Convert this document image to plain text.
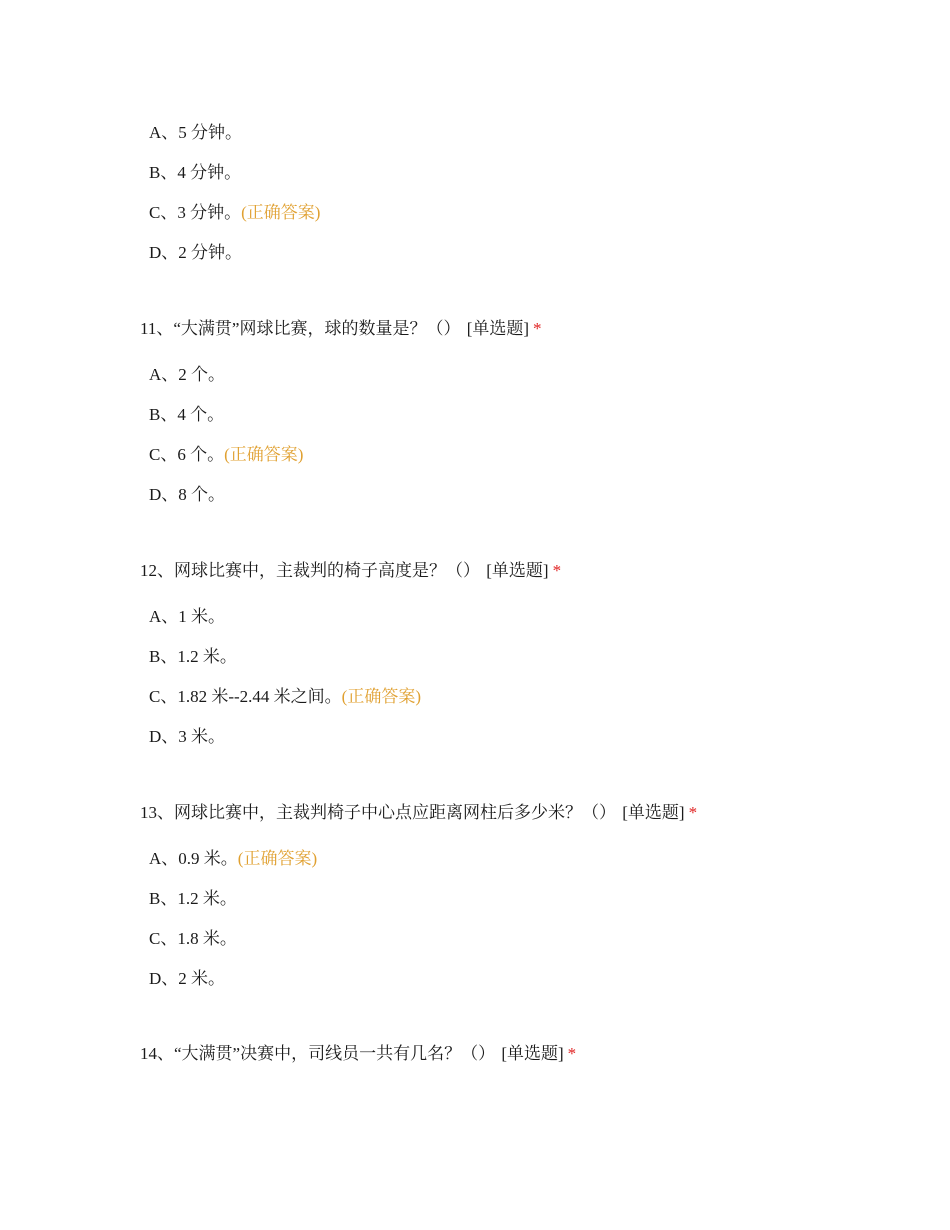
A、5 分钟。
B、4 分钟。
C、3 分钟。(正确答案)
D、2 分钟。
11、“大满贯”网球比赛，球的数量是？（） [单选题] *
A、2 个。
B、4 个。
C、6 个。(正确答案)
D、8 个。
12、网球比赛中，主裁判的椅子高度是？（） [单选题] *
A、1 米。
B、1.2 米。
C、1.82 米--2.44 米之间。(正确答案)
D、3 米。
13、网球比赛中，主裁判椅子中心点应距离网柱后多少米？（） [单选题] *
A、0.9 米。(正确答案)
B、1.2 米。
C、1.8 米。
D、2 米。
14、“大满贯”决赛中，司线员一共有几名？（） [单选题] *
